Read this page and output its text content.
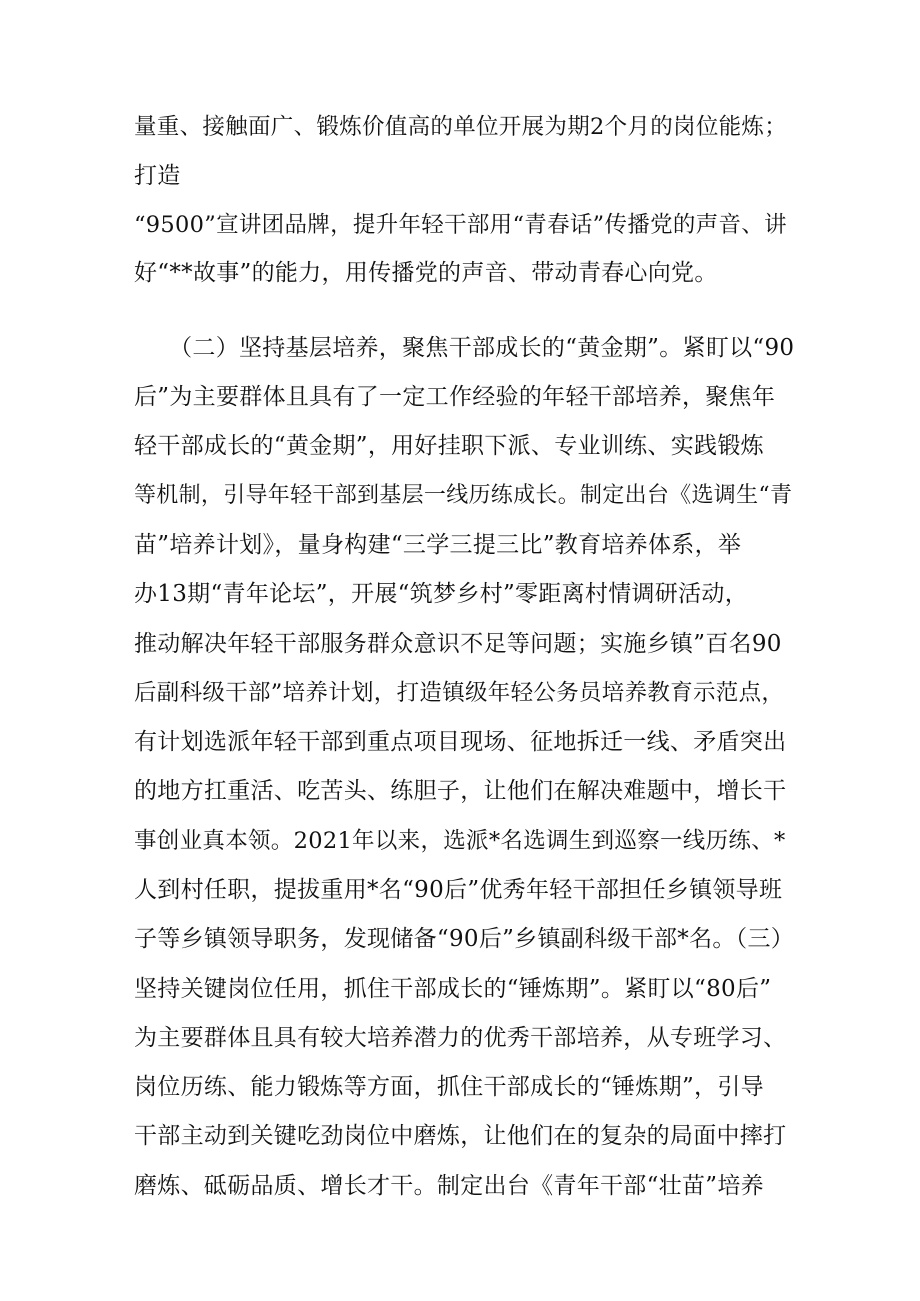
量重、接触面广、锻炼价值高的单位开展为期2个月的岗位能炼；
打造
“9500”宣讲团品牌，提升年轻干部用“青春话”传播党的声音、讲
好“**故事”的能力，用传播党的声音、带动青春心向党。
　　（二）坚持基层培养，聚焦干部成长的“黄金期”。紧盯以“90
后”为主要群体且具有了一定工作经验的年轻干部培养，聚焦年
轻干部成长的“黄金期”，用好挂职下派、专业训练、实践锻炼
等机制，引导年轻干部到基层一线历练成长。制定出台《选调生“青
苗”培养计划》，量身构建“三学三提三比”教育培养体系，举
办13期“青年论坛”，开展“筑梦乡村”零距离村情调研活动，
推动解决年轻干部服务群众意识不足等问题；实施乡镇”百名90
后副科级干部”培养计划，打造镇级年轻公务员培养教育示范点，
有计划选派年轻干部到重点项目现场、征地拆迁一线、矛盾突出
的地方扛重活、吃苦头、练胆子，让他们在解决难题中，增长干
事创业真本领。2021年以来，选派*名选调生到巡察一线历练、*
人到村任职，提拔重用*名“90后”优秀年轻干部担任乡镇领导班
子等乡镇领导职务，发现储备“90后”乡镇副科级干部*名。（三）
坚持关键岗位任用，抓住干部成长的“锤炼期”。紧盯以“80后”
为主要群体且具有较大培养潜力的优秀干部培养，从专班学习、
岗位历练、能力锻炼等方面，抓住干部成长的“锤炼期”，引导
干部主动到关键吃劲岗位中磨炼，让他们在的复杂的局面中摔打
磨炼、砥砺品质、增长才干。制定出台《青年干部“壮苗”培养
